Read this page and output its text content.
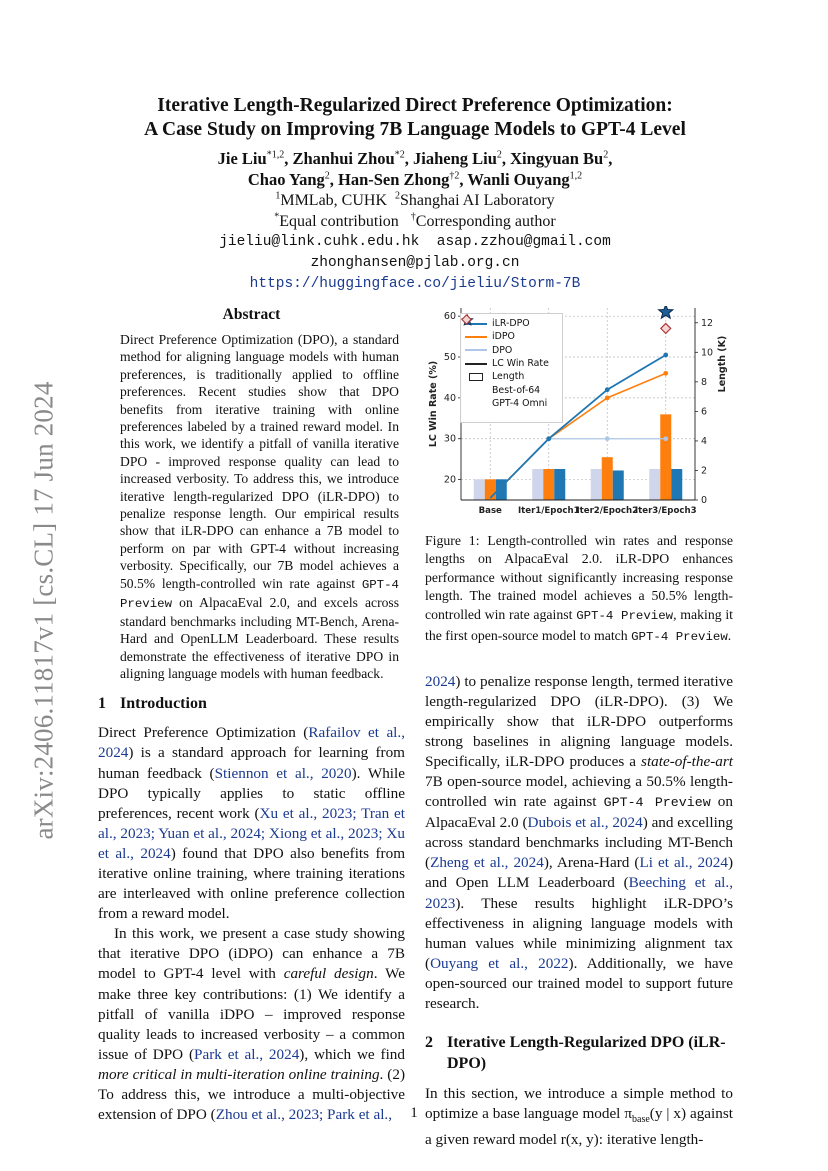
arXiv:2406.11817v1 [cs.CL] 17 Jun 2024
Iterative Length-Regularized Direct Preference Optimization:
A Case Study on Improving 7B Language Models to GPT-4 Level
Jie Liu$^{*1,2}$, Zhanhui Zhou$^{*2}$, Jiaheng Liu$^2$, Xingyuan Bu$^2$,
Chao Yang$^2$, Han-Sen Zhong$^{\dagger 2}$, Wanli Ouyang$^{1,2}$
$^1$MMLab, CUHK $^2$Shanghai AI Laboratory
*Equal contribution †Corresponding author
jieliu@link.cuhk.edu.hk asap.zzhou@gmail.com
zhonghansen@pjlab.org.cn
https://huggingface.co/jieliu/Storm-7B
Abstract
Direct Preference Optimization (DPO), a standard method for aligning language models with human preferences, is traditionally applied to offline preferences. Recent studies show that DPO benefits from iterative training with online preferences labeled by a trained reward model. In this work, we identify a pitfall of vanilla iterative DPO - improved response quality can lead to increased verbosity. To address this, we introduce iterative length-regularized DPO (iLR-DPO) to penalize response length. Our empirical results show that iLR-DPO can enhance a 7B model to perform on par with GPT-4 without increasing verbosity. Specifically, our 7B model achieves a 50.5% length-controlled win rate against GPT-4 Preview on AlpacaEval 2.0, and excels across standard benchmarks including MT-Bench, Arena-Hard and OpenLLM Leaderboard. These results demonstrate the effectiveness of iterative DPO in aligning language models with human feedback.
1 Introduction
Direct Preference Optimization (Rafailov et al., 2024) is a standard approach for learning from human feedback (Stiennon et al., 2020). While DPO typically applies to static offline preferences, recent work (Xu et al., 2023; Tran et al., 2023; Yuan et al., 2024; Xiong et al., 2023; Xu et al., 2024) found that DPO also benefits from iterative online training, where training iterations are interleaved with online preference collection from a reward model.
In this work, we present a case study showing that iterative DPO (iDPO) can enhance a 7B model to GPT-4 level with careful design. We make three key contributions: (1) We identify a pitfall of vanilla iDPO – improved response quality leads to increased verbosity – a common issue of DPO (Park et al., 2024), which we find more critical in multi-iteration online training. (2) To address this, we introduce a multi-objective extension of DPO (Zhou et al., 2023; Park et al.,
20
30
40
50
60
0
2
4
6
8
10
12
Base Iter1/Epoch1
Iter2/Epoch2
Iter3/Epoch3
LC Win Rate (%)	Length (K)
iLR-DPO
iDPO
DPO
LC Win Rate
Length
Best-of-64
GPT-4 Omni
Figure 1: Length-controlled win rates and response lengths on AlpacaEval 2.0. iLR-DPO enhances performance without significantly increasing response length. The trained model achieves a 50.5% length-controlled win rate against GPT-4 Preview, making it the first open-source model to match GPT-4 Preview.
2024) to penalize response length, termed iterative length-regularized DPO (iLR-DPO). (3) We empirically show that iLR-DPO outperforms strong baselines in aligning language models. Specifically, iLR-DPO produces a state-of-the-art 7B open-source model, achieving a 50.5% length-controlled win rate against GPT-4 Preview on AlpacaEval 2.0 (Dubois et al., 2024) and excelling across standard benchmarks including MT-Bench (Zheng et al., 2024), Arena-Hard (Li et al., 2024) and Open LLM Leaderboard (Beeching et al., 2023). These results highlight iLR-DPO’s effectiveness in aligning language models with human values while minimizing alignment tax (Ouyang et al., 2022). Additionally, we have open-sourced our trained model to support future research.
2 Iterative Length-Regularized DPO (iLR-DPO)
In this section, we introduce a simple method to optimize a base language model $\pi_{base}(y$ | x) against a given reward model r(x, y): iterative length-
1
